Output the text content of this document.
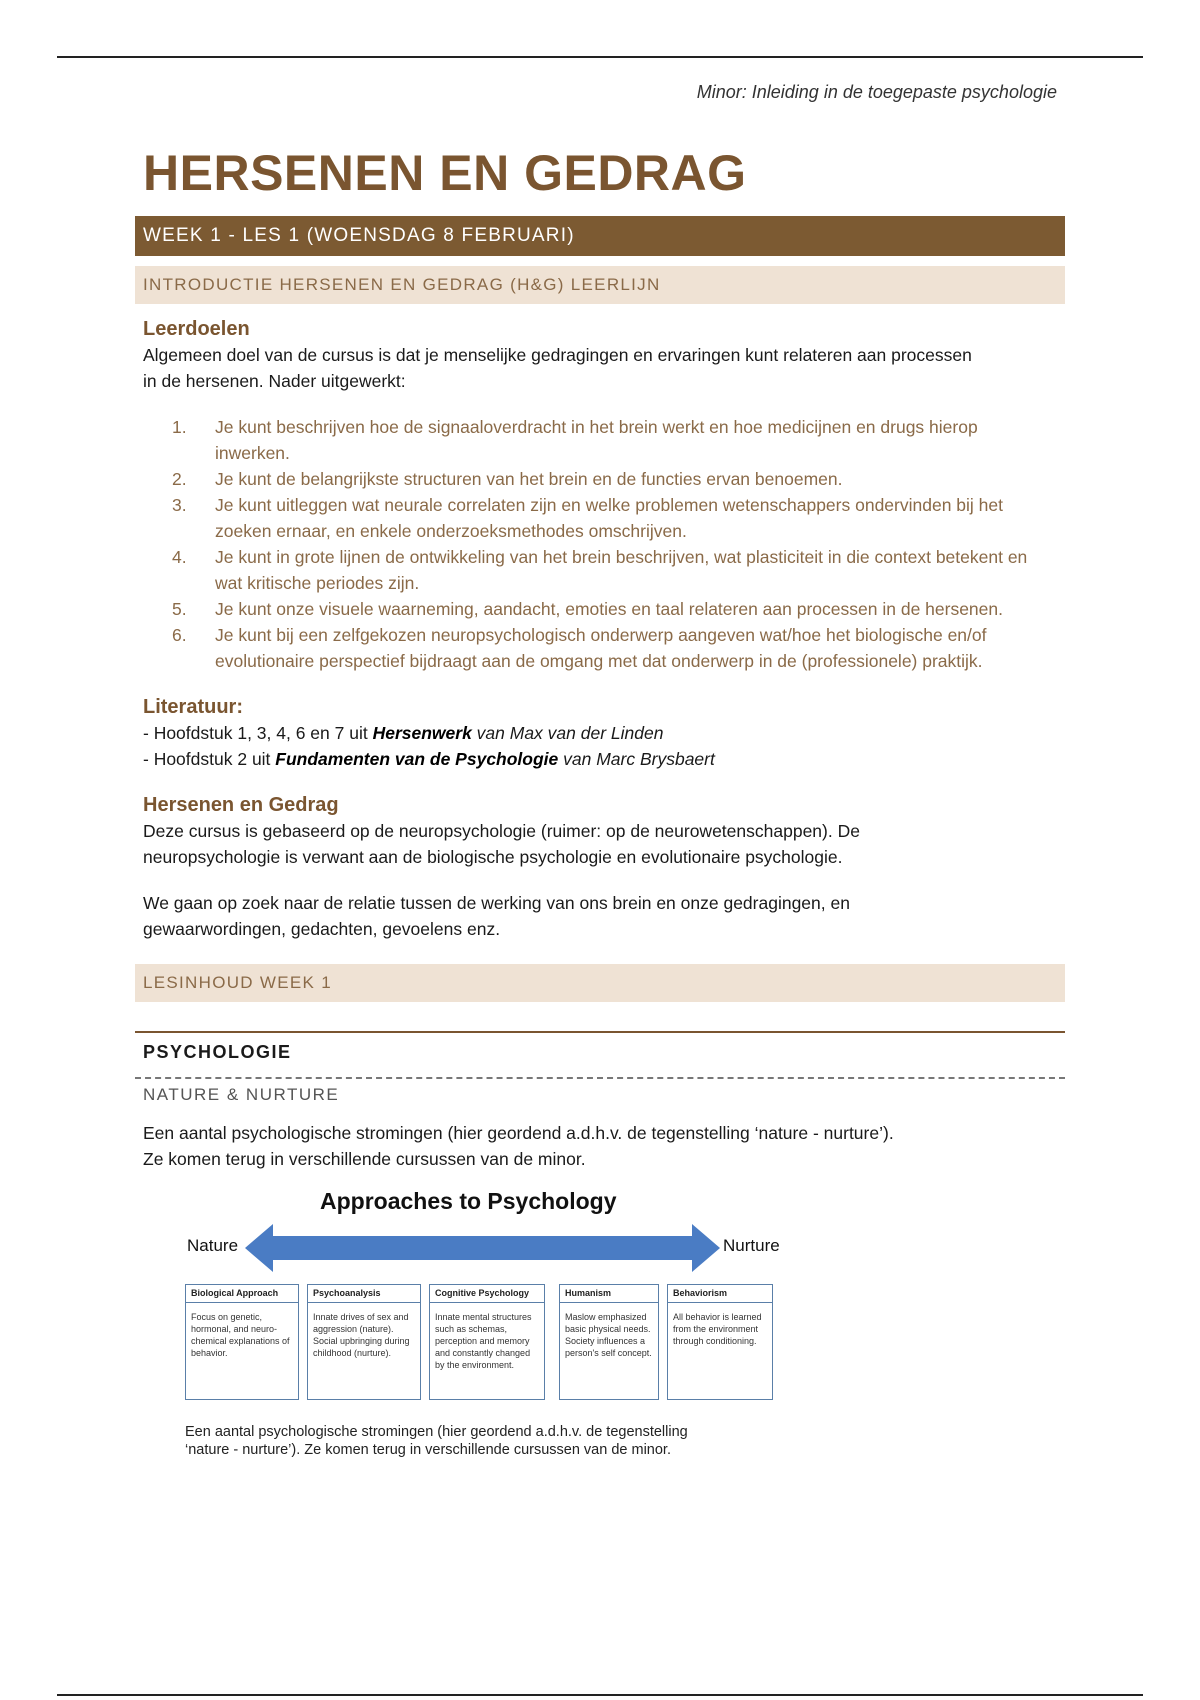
Minor: Inleiding in de toegepaste psychologie
HERSENEN EN GEDRAG
WEEK 1 - LES 1 (WOENSDAG 8 FEBRUARI)
INTRODUCTIE HERSENEN EN GEDRAG (H&G) LEERLIJN
Leerdoelen
Algemeen doel van de cursus is dat je menselijke gedragingen en ervaringen kunt relateren aan processen
in de hersenen. Nader uitgewerkt:
1.	Je kunt beschrijven hoe de signaaloverdracht in het brein werkt en hoe medicijnen en drugs hierop inwerken.
2.	Je kunt de belangrijkste structuren van het brein en de functies ervan benoemen.
3.	Je kunt uitleggen wat neurale correlaten zijn en welke problemen wetenschappers ondervinden bij het zoeken ernaar, en enkele onderzoeksmethodes omschrijven.
4.	Je kunt in grote lijnen de ontwikkeling van het brein beschrijven, wat plasticiteit in die context betekent en wat kritische periodes zijn.
5.	Je kunt onze visuele waarneming, aandacht, emoties en taal relateren aan processen in de hersenen.
6.	Je kunt bij een zelfgekozen neuropsychologisch onderwerp aangeven wat/hoe het biologische en/of evolutionaire perspectief bijdraagt aan de omgang met dat onderwerp in de (professionele) praktijk.
Literatuur:
- Hoofdstuk 1, 3, 4, 6 en 7 uit Hersenwerk van Max van der Linden
- Hoofdstuk 2 uit Fundamenten van de Psychologie van Marc Brysbaert
Hersenen en Gedrag
Deze cursus is gebaseerd op de neuropsychologie (ruimer: op de neurowetenschappen). De
neuropsychologie is verwant aan de biologische psychologie en evolutionaire psychologie.
We gaan op zoek naar de relatie tussen de werking van ons brein en onze gedragingen, en
gewaarwordingen, gedachten, gevoelens enz.
LESINHOUD WEEK 1
PSYCHOLOGIE
NATURE & NURTURE
Een aantal psychologische stromingen (hier geordend a.d.h.v. de tegenstelling ‘nature - nurture’).
Ze komen terug in verschillende cursussen van de minor.
Approaches to Psychology
Nature	Nurture
Biological Approach
Focus on genetic, hormonal, and neuro-chemical explanations of behavior.
Psychoanalysis
Innate drives of sex and aggression (nature). Social upbringing during childhood (nurture).
Cognitive Psychology
Innate mental structures such as schemas, perception and memory and constantly changed by the environment.
Humanism
Maslow emphasized basic physical needs. Society influences a person's self concept.
Behaviorism
All behavior is learned from the environment through conditioning.
Een aantal psychologische stromingen (hier geordend a.d.h.v. de tegenstelling
‘nature - nurture’). Ze komen terug in verschillende cursussen van de minor.
